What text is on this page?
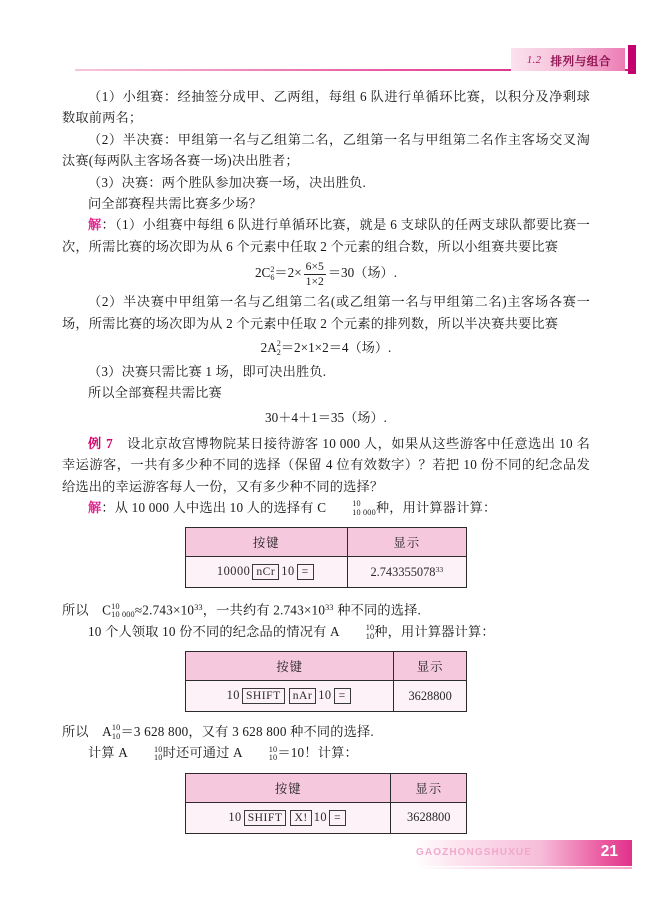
1.2 排列与组合

（1）小组赛：经抽签分成甲、乙两组，每组 6 队进行单循环比赛，以积分及净剩球数取前两名；

（2）半决赛：甲组第一名与乙组第二名，乙组第一名与甲组第二名作主客场交叉淘汰赛(每两队主客场各赛一场)决出胜者；

（3）决赛：两个胜队参加决赛一场，决出胜负.

问全部赛程共需比赛多少场？

解：（1）小组赛中每组 6 队进行单循环比赛，就是 6 支球队的任两支球队都要比赛一次，所需比赛的场次即为从 6 个元素中任取 2 个元素的组合数，所以小组赛共要比赛

2C 2
$6 =2\times \frac{6\times 5}{1\times 2} =30$（场）.

（2）半决赛中甲组第一名与乙组第二名(或乙组第一名与甲组第二名)主客场各赛一场，所需比赛的场次即为从 2 个元素中任取 2 个元素的排列数，所以半决赛共要比赛

2A 2
2 ＝2×1×2＝4（场）.

（3）决赛只需比赛 1 场，即可决出胜负.

所以全部赛程共需比赛

30＋4＋1＝35（场）.

例 7　 设北京故宫博物院某日接待游客 10 000 人，如果从这些游客中任意选出 10 名幸运游客，一共有多少种不同的选择（保留 4 位有效数字）？若把 10 份不同的纪念品发给选出的幸运游客每人一份，又有多少种不同的选择？

解：从 10 000 人中选出 10 人的选择有 C	10
10 000 种，用计算器计算：

按键	显示
10000 nCr 10 =	$2.743355078^{33}$

所以　C 10
10 $000 \approx 2.743\times 10^{33}$，一共约有 $2.743\times 10^{33}$ 种不同的选择.

10 个人领取 10 份不同的纪念品的情况有 A	10
10 种，用计算器计算：

按键	显示
10 SHIFT nAr 10 =	3628800

所以　A 10
10 ＝3 628 800，又有 3 628 800 种不同的选择.

计算 A	10
10 时还可通过 A	10
10 ＝10！计算：

按键	显示
10 SHIFT X! 10 =	3628800
GAOZHONGSHUXUE	21
